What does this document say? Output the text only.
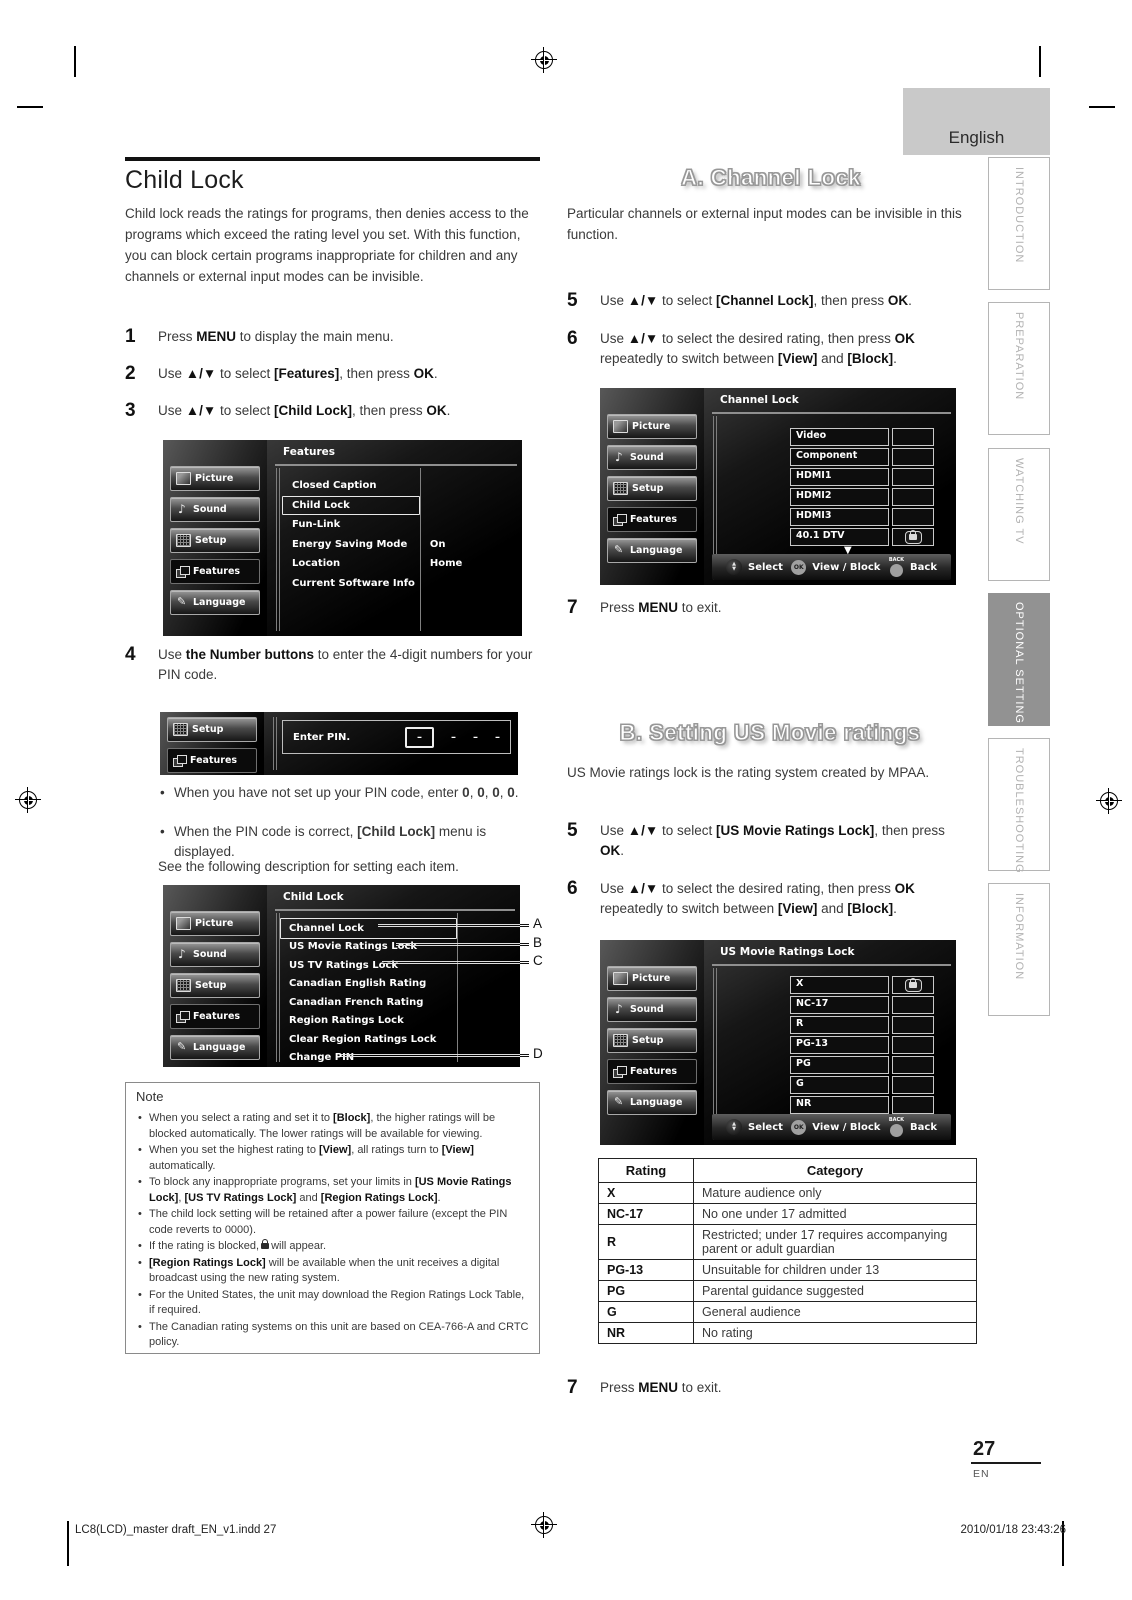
English
INTRODUCTION
PREPARATION
WATCHING TV
OPTIONAL SETTING
TROUBLESHOOTING
INFORMATION
Child Lock
Child lock reads the ratings for programs, then denies access to the programs which exceed the rating level you set. With this function, you can block certain programs inappropriate for children and any channels or external input modes can be invisible.
1	Press MENU to display the main menu.
2	Use ▲/▼ to select [Features], then press OK.
3	Use ▲/▼ to select [Child Lock], then press OK.
Picture
♪
Sound
Setup
Features
✎
Language
Features
Closed Caption
Child Lock
Fun-Link
Energy Saving Mode On
Location	Home
Current Software Info
4	Use the Number buttons to enter the 4-digit numbers for your PIN code.
Setup
Features
Enter PIN.	–	– – –
• When you have not set up your PIN code, enter 0, 0, 0, 0.
• When the PIN code is correct, [Child Lock] menu is displayed.
See the following description for setting each item.
Picture
♪
Sound
Setup
Features
✎
Language
Child Lock
Channel Lock
US Movie Ratings Lock
US TV Ratings Lock
Canadian English Rating
Canadian French Rating
Region Ratings Lock
Clear Region Ratings Lock
Change PIN
A
B
C
D
Note
• When you select a rating and set it to [Block], the higher ratings will be blocked automatically. The lower ratings will be available for viewing.
• When you set the highest rating to [View], all ratings turn to [View] automatically.
• To block any inappropriate programs, set your limits in [US Movie Ratings Lock], [US TV Ratings Lock] and [Region Ratings Lock].
• The child lock setting will be retained after a power failure (except the PIN code reverts to 0000).
• If the rating is blocked, will appear.
• [Region Ratings Lock] will be available when the unit receives a digital broadcast using the new rating system.
• For the United States, the unit may download the Region Ratings Lock Table, if required.
• The Canadian rating systems on this unit are based on CEA-766-A and CRTC policy.
A. Channel Lock
Particular channels or external input modes can be invisible in this function.
5	Use ▲/▼ to select [Channel Lock], then press OK.
6	Use ▲/▼ to select the desired rating, then press OK repeatedly to switch between [View] and [Block].
Picture
♪
Sound
Setup
Features
✎
Language
Channel Lock
Video
Component
HDMI1
HDMI2
HDMI3
40.1 DTV
▼
▲
▼ Select	OK View / Block
BACK
Back
7	Press MENU to exit.
B. Setting US Movie ratings
US Movie ratings lock is the rating system created by MPAA.
5	Use ▲/▼ to select [US Movie Ratings Lock], then press OK.
6	Use ▲/▼ to select the desired rating, then press OK repeatedly to switch between [View] and [Block].
Picture
♪
Sound
Setup
Features
✎
Language
US Movie Ratings Lock
X
NC-17
R
PG-13
PG
G
NR
▲
▼ Select	OK View / Block
BACK
Back
Rating	Category
X	Mature audience only
NC-17	No one under 17 admitted
R	Restricted; under 17 requires accompanying parent or adult guardian
PG-13	Unsuitable for children under 13
PG	Parental guidance suggested
G	General audience
NR	No rating
7	Press MENU to exit.
27
EN
LC8(LCD)_master draft_EN_v1.indd 27	2010/01/18 23:43:26
